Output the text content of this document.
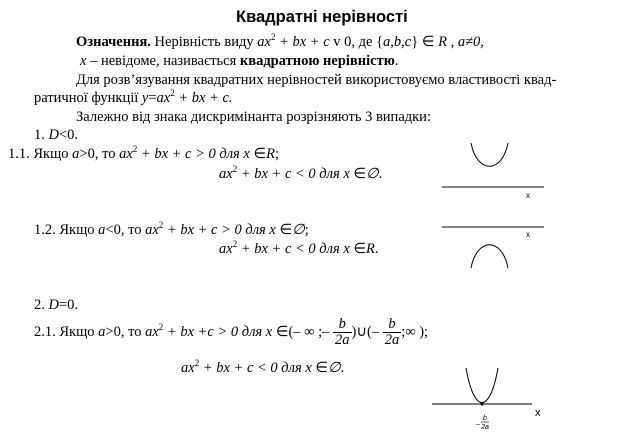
Квадратні нерівності
Означення. Нерівність виду $ax^2$ + bx + c v 0, де {a,b,c} ∈ R , a≠0,
x – невідоме, називається квадратною нерівністю.
Для розв’язування квадратних нерівностей використовуємо властивості квад-
ратичної функції $y=ax^2$ + bx + c.
Залежно від знака дискримінанта розрізняють 3 випадки:
1. D<0.
1.1. Якщо a>0, то $ax^2$ + bx + c > 0 для x ∈R;
$ax^2$ + bx + c < 0 для x ∈∅.
x
1.2. Якщо a<0, то $ax^2$ + bx + c > 0 для x ∈∅;
$ax^2$ + bx + c < 0 для x ∈R.
x
2. D=0.
2.1. Якщо a>0, то $ax^2$ + bx +c > 0 для x ∈(– ∞ ;– $\frac{b}{2a}$ )∪(– $\frac{b}{2a}$ ;∞ );
$ax^2$ + bx + c < 0 для x ∈∅.
x
–
b
2a
